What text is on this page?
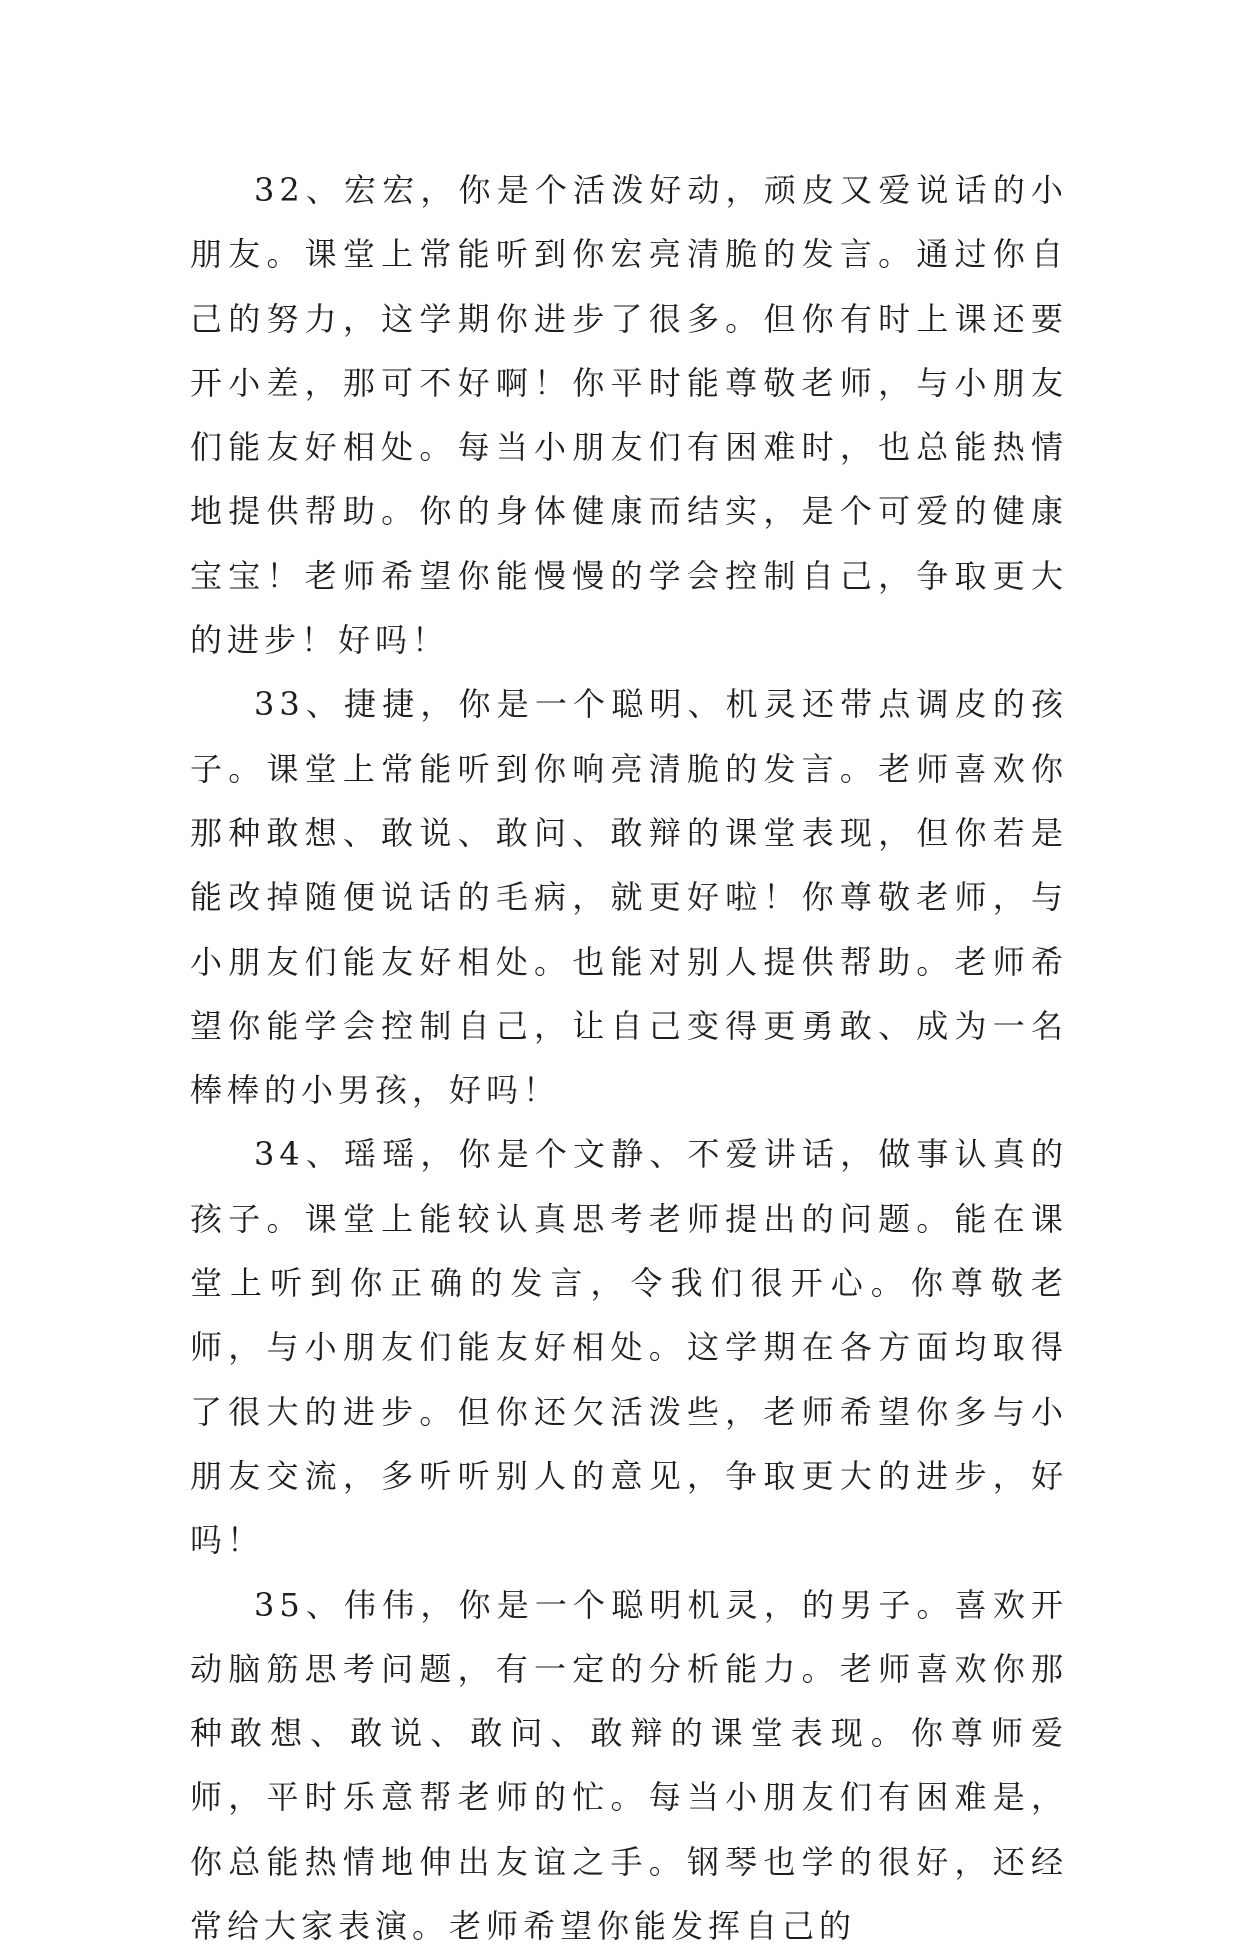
32、宏宏，你是个活泼好动，顽皮又爱说话的小朋友。课堂上常能听到你宏亮清脆的发言。通过你自己的努力，这学期你进步了很多。但你有时上课还要开小差，那可不好啊！你平时能尊敬老师，与小朋友们能友好相处。每当小朋友们有困难时，也总能热情地提供帮助。你的身体健康而结实，是个可爱的健康宝宝！老师希望你能慢慢的学会控制自己，争取更大的进步！好吗！

33、捷捷，你是一个聪明、机灵还带点调皮的孩子。课堂上常能听到你响亮清脆的发言。老师喜欢你那种敢想、敢说、敢问、敢辩的课堂表现，但你若是能改掉随便说话的毛病，就更好啦！你尊敬老师，与小朋友们能友好相处。也能对别人提供帮助。老师希望你能学会控制自己，让自己变得更勇敢、成为一名棒棒的小男孩，好吗！

34、瑶瑶，你是个文静、不爱讲话，做事认真的孩子。课堂上能较认真思考老师提出的问题。能在课堂上听到你正确的发言，令我们很开心。你尊敬老师，与小朋友们能友好相处。这学期在各方面均取得了很大的进步。但你还欠活泼些，老师希望你多与小朋友交流，多听听别人的意见，争取更大的进步，好吗！

35、伟伟，你是一个聪明机灵，的男子。喜欢开动脑筋思考问题，有一定的分析能力。老师喜欢你那种敢想、敢说、敢问、敢辩的课堂表现。你尊师爱师，平时乐意帮老师的忙。每当小朋友们有困难是，你总能热情地伸出友谊之手。钢琴也学的很好，还经常给大家表演。老师希望你能发挥自己的
